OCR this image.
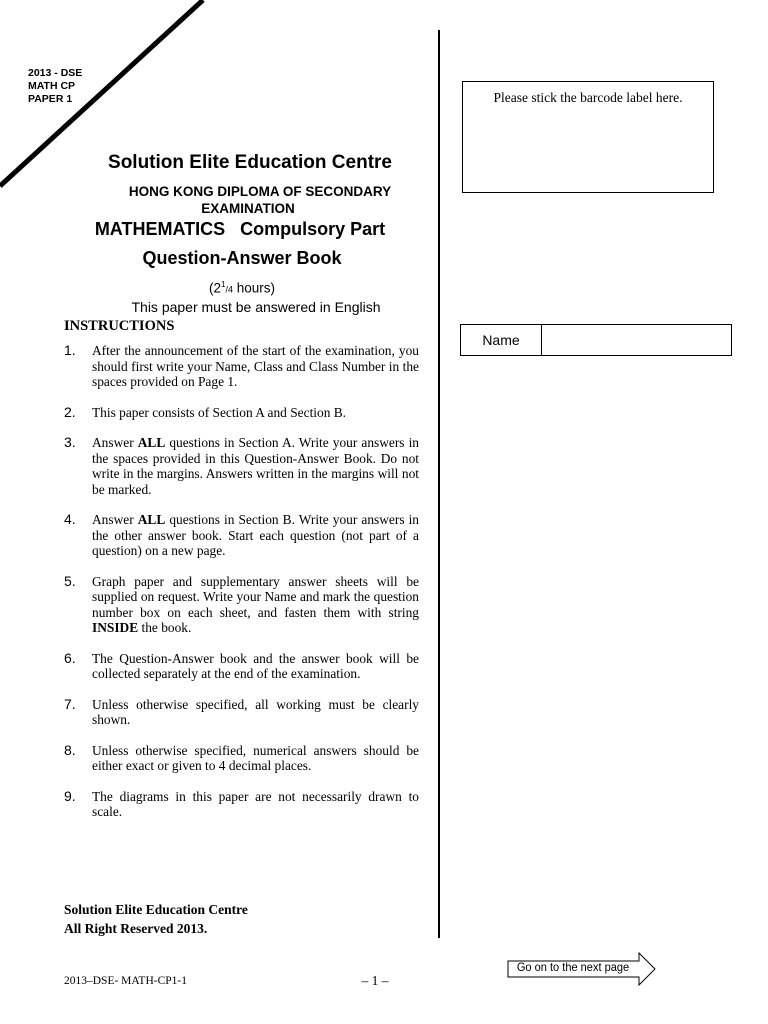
2013 - DSE
MATH CP
PAPER 1
Solution Elite Education Centre
HONG KONG DIPLOMA OF SECONDARY
EXAMINATION
MATHEMATICS   Compulsory Part
Question-Answer Book
($2^1/4$ hours)
This paper must be answered in English
INSTRUCTIONS
1.	After the announcement of the start of the examination, you should first write your Name, Class and Class Number in the spaces provided on Page 1.
2.	This paper consists of Section A and Section B.
3.	Answer ALL questions in Section A. Write your answers in the spaces provided in this Question-Answer Book. Do not write in the margins. Answers written in the margins will not be marked.
4.	Answer ALL questions in Section B. Write your answers in the other answer book. Start each question (not part of a question) on a new page.
5.	Graph paper and supplementary answer sheets will be supplied on request. Write your Name and mark the question number box on each sheet, and fasten them with string INSIDE the book.
6.	The Question-Answer book and the answer book will be collected separately at the end of the examination.
7.	Unless otherwise specified, all working must be clearly shown.
8.	Unless otherwise specified, numerical answers should be either exact or given to 4 decimal places.
9.	The diagrams in this paper are not necessarily drawn to scale.
Please stick the barcode label here.
Name
Solution Elite Education Centre
All Right Reserved 2013.
2013–DSE- MATH-CP1-1	– 1 –
Go on to the next page
